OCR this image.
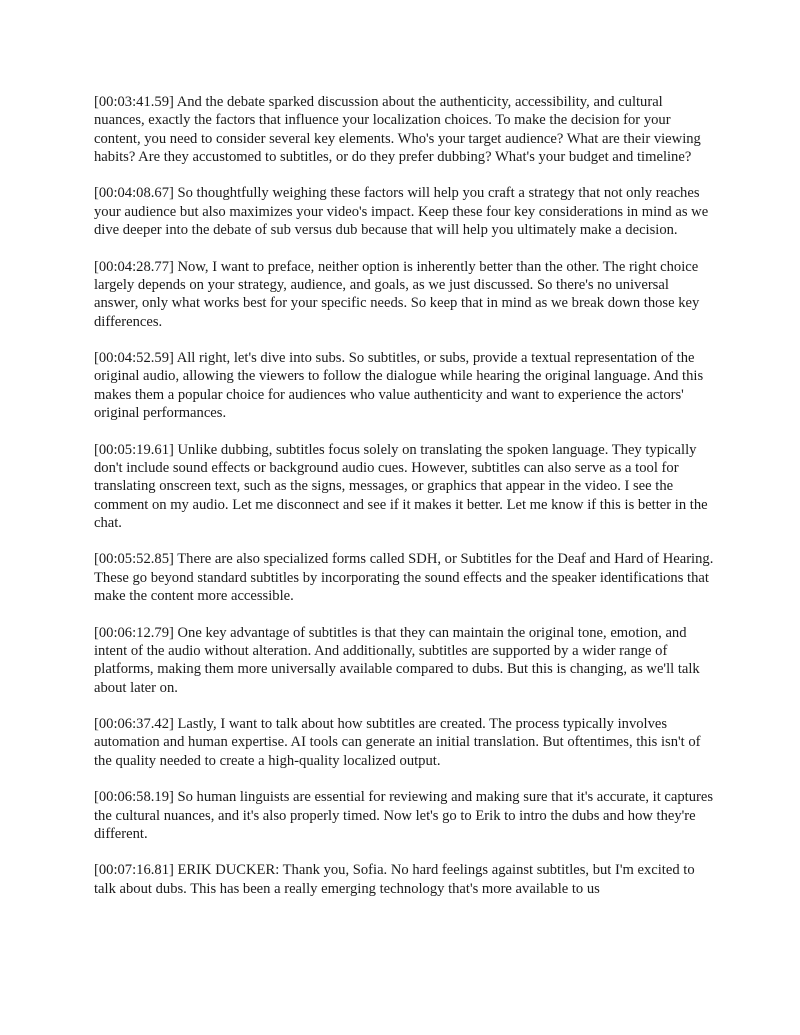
[00:03:41.59] And the debate sparked discussion about the authenticity, accessibility, and cultural nuances, exactly the factors that influence your localization choices. To make the decision for your content, you need to consider several key elements. Who's your target audience? What are their viewing habits? Are they accustomed to subtitles, or do they prefer dubbing? What's your budget and timeline?

[00:04:08.67] So thoughtfully weighing these factors will help you craft a strategy that not only reaches your audience but also maximizes your video's impact. Keep these four key considerations in mind as we dive deeper into the debate of sub versus dub because that will help you ultimately make a decision.

[00:04:28.77] Now, I want to preface, neither option is inherently better than the other. The right choice largely depends on your strategy, audience, and goals, as we just discussed. So there's no universal answer, only what works best for your specific needs. So keep that in mind as we break down those key differences.

[00:04:52.59] All right, let's dive into subs. So subtitles, or subs, provide a textual representation of the original audio, allowing the viewers to follow the dialogue while hearing the original language. And this makes them a popular choice for audiences who value authenticity and want to experience the actors' original performances.

[00:05:19.61] Unlike dubbing, subtitles focus solely on translating the spoken language. They typically don't include sound effects or background audio cues. However, subtitles can also serve as a tool for translating onscreen text, such as the signs, messages, or graphics that appear in the video. I see the comment on my audio. Let me disconnect and see if it makes it better. Let me know if this is better in the chat.

[00:05:52.85] There are also specialized forms called SDH, or Subtitles for the Deaf and Hard of Hearing. These go beyond standard subtitles by incorporating the sound effects and the speaker identifications that make the content more accessible.

[00:06:12.79] One key advantage of subtitles is that they can maintain the original tone, emotion, and intent of the audio without alteration. And additionally, subtitles are supported by a wider range of platforms, making them more universally available compared to dubs. But this is changing, as we'll talk about later on.

[00:06:37.42] Lastly, I want to talk about how subtitles are created. The process typically involves automation and human expertise. AI tools can generate an initial translation. But oftentimes, this isn't of the quality needed to create a high-quality localized output.

[00:06:58.19] So human linguists are essential for reviewing and making sure that it's accurate, it captures the cultural nuances, and it's also properly timed. Now let's go to Erik to intro the dubs and how they're different.

[00:07:16.81] ERIK DUCKER: Thank you, Sofia. No hard feelings against subtitles, but I'm excited to talk about dubs. This has been a really emerging technology that's more available to us
